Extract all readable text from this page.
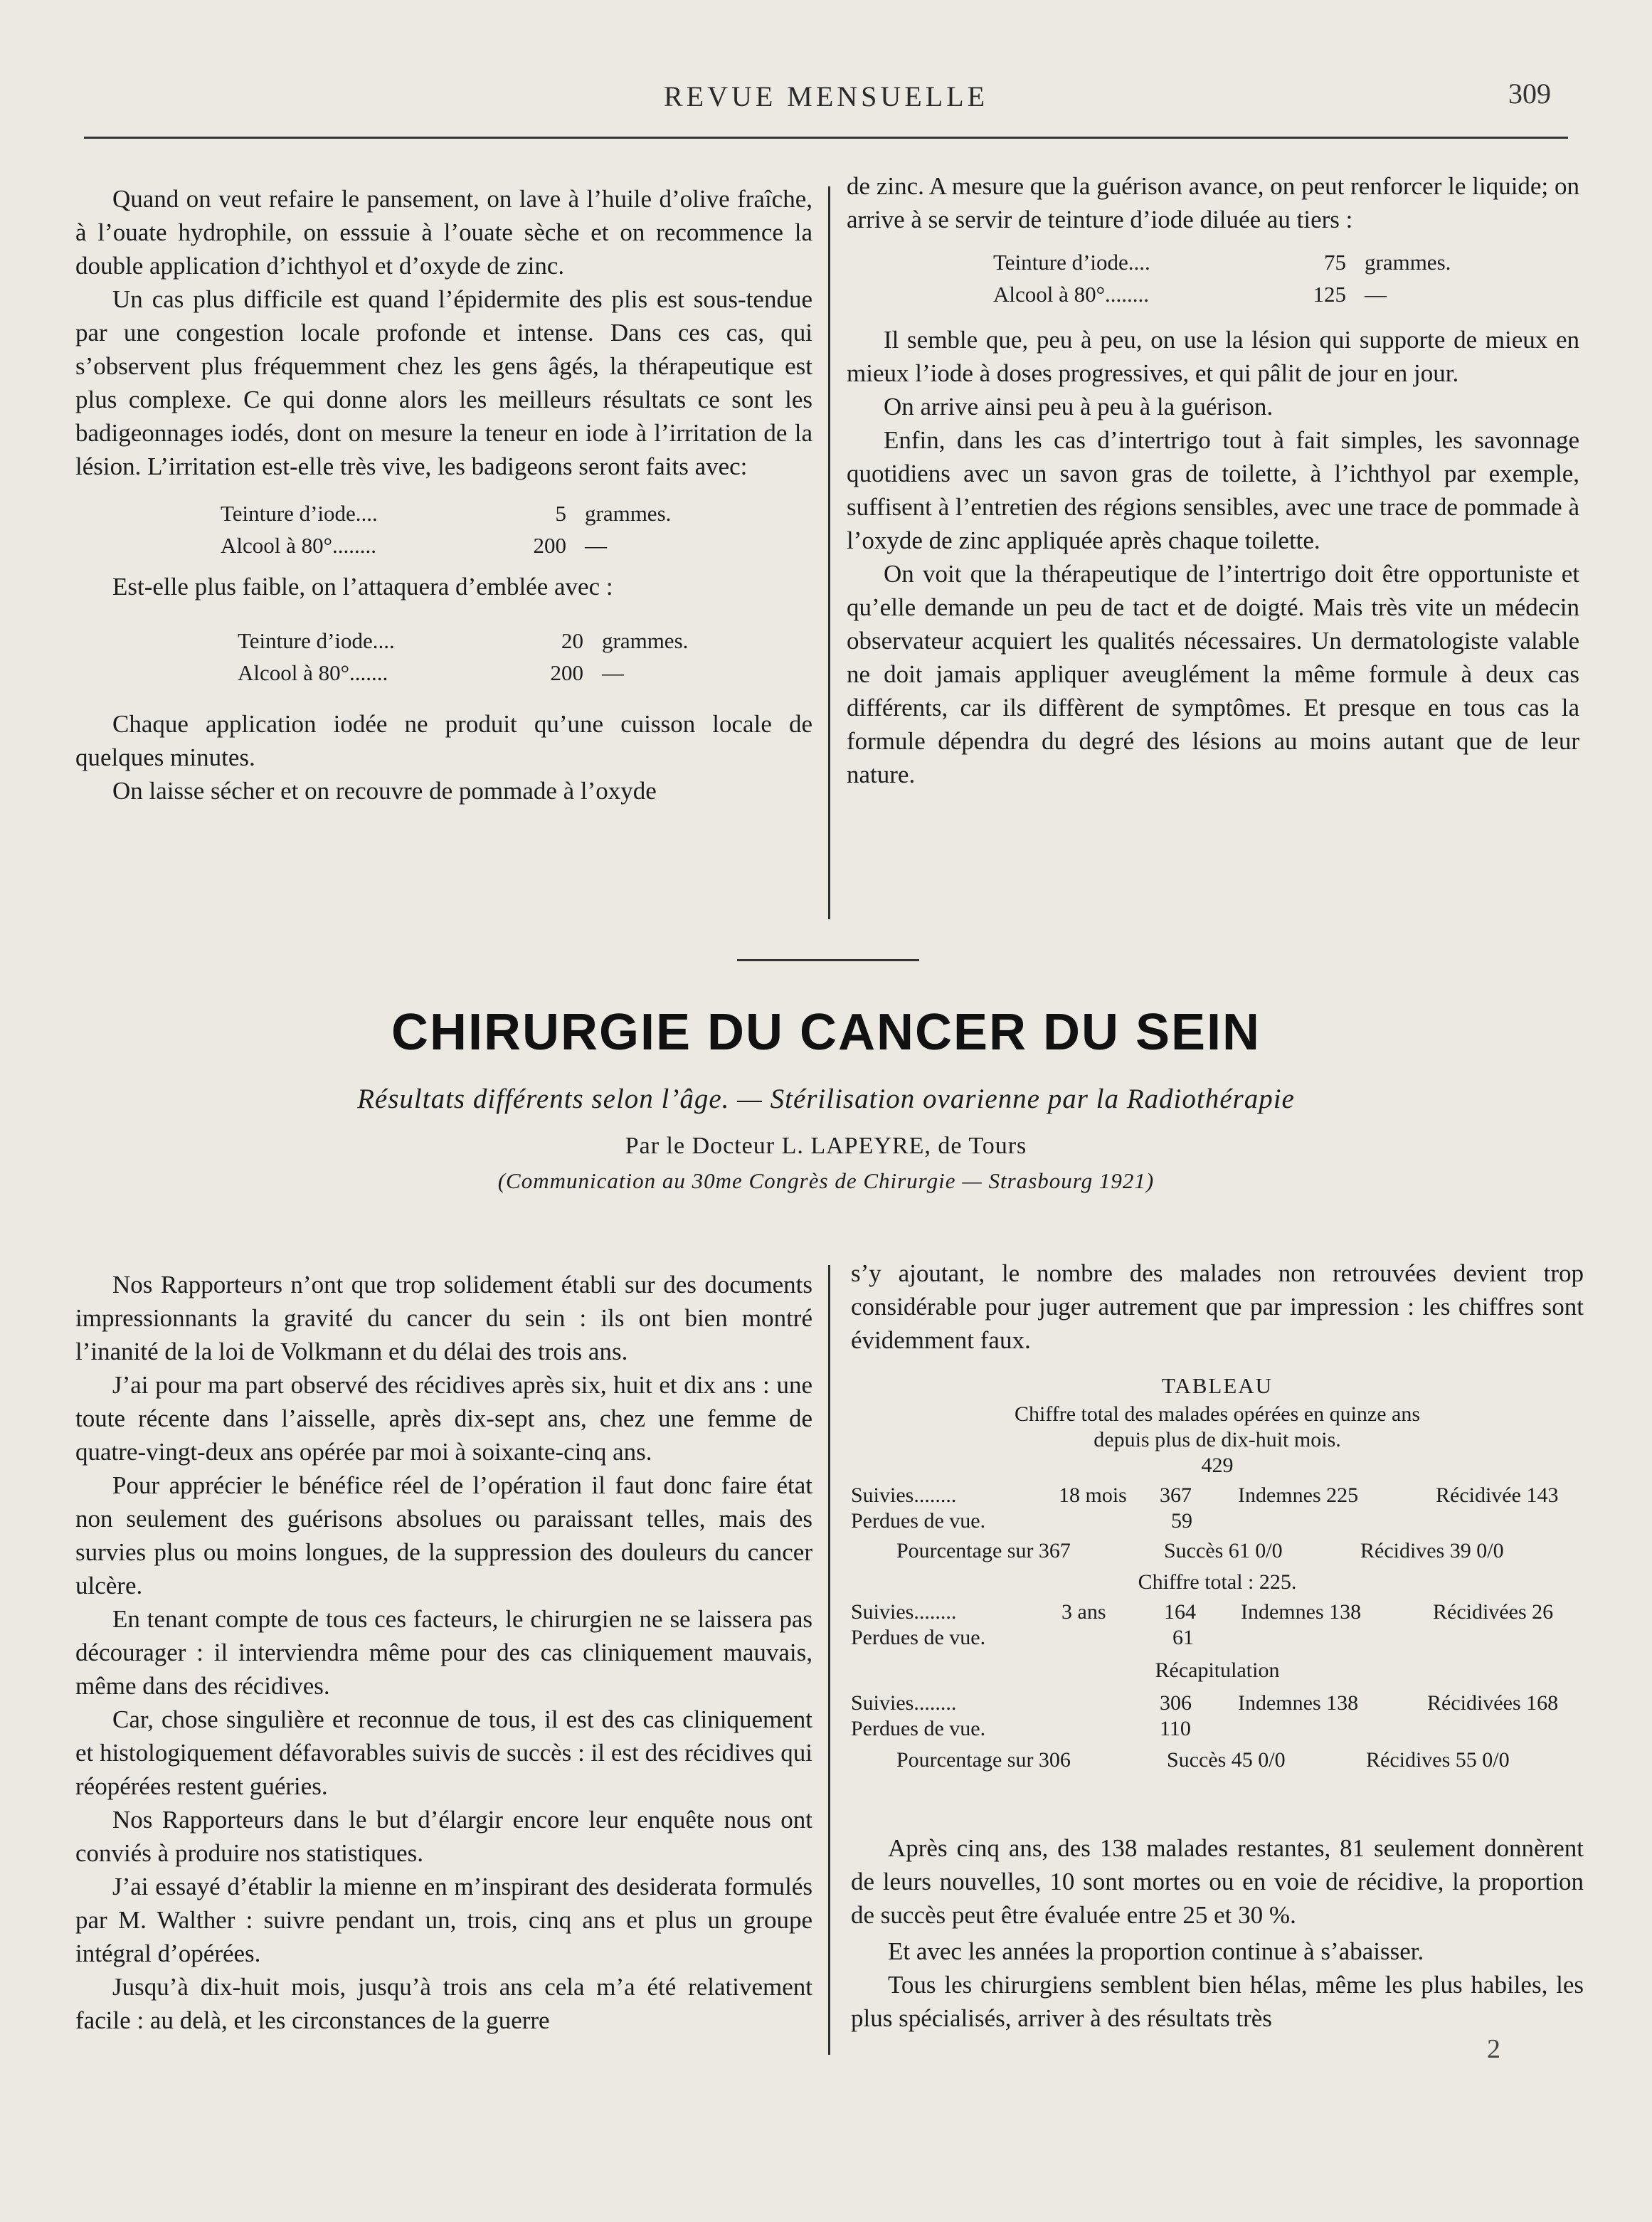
REVUE MENSUELLE	309

Quand on veut refaire le pansement, on lave à l’huile d’olive fraîche, à l’ouate hydrophile, on esssuie à l’ouate sèche et on recommence la double application d’ichthyol et d’oxyde de zinc.

Un cas plus difficile est quand l’épidermite des plis est sous-tendue par une congestion locale profonde et intense. Dans ces cas, qui s’observent plus fréquemment chez les gens âgés, la thérapeutique est plus complexe. Ce qui donne alors les meilleurs résultats ce sont les badigeonnages iodés, dont on mesure la teneur en iode à l’irritation de la lésion. L’irritation est-elle très vive, les badigeons seront faits avec:

Teinture d’iode....	5 grammes.
Alcool à 80°........	200 —

Est-elle plus faible, on l’attaquera d’emblée avec :

Teinture d’iode....	20 grammes.
Alcool à 80°.......	200 —

Chaque application iodée ne produit qu’une cuisson locale de quelques minutes.

On laisse sécher et on recouvre de pommade à l’oxyde

de zinc. A mesure que la guérison avance, on peut renforcer le liquide; on arrive à se servir de teinture d’iode diluée au tiers :

Teinture d’iode....	75 grammes.
Alcool à 80°........	125 —

Il semble que, peu à peu, on use la lésion qui supporte de mieux en mieux l’iode à doses progressives, et qui pâlit de jour en jour.

On arrive ainsi peu à peu à la guérison.

Enfin, dans les cas d’intertrigo tout à fait simples, les savonnage quotidiens avec un savon gras de toilette, à l’ichthyol par exemple, suffisent à l’entretien des régions sensibles, avec une trace de pommade à l’oxyde de zinc appliquée après chaque toilette.

On voit que la thérapeutique de l’intertrigo doit être opportuniste et qu’elle demande un peu de tact et de doigté. Mais très vite un médecin observateur acquiert les qualités nécessaires. Un dermatologiste valable ne doit jamais appliquer aveuglément la même formule à deux cas différents, car ils diffèrent de symptômes. Et presque en tous cas la formule dépendra du degré des lésions au moins autant que de leur nature.

CHIRURGIE DU CANCER DU SEIN
Résultats différents selon l’âge. — Stérilisation ovarienne par la Radiothérapie
Par le Docteur L. LAPEYRE, de Tours
(Communication au 30me Congrès de Chirurgie — Strasbourg 1921)

Nos Rapporteurs n’ont que trop solidement établi sur des documents impressionnants la gravité du cancer du sein : ils ont bien montré l’inanité de la loi de Volkmann et du délai des trois ans.

J’ai pour ma part observé des récidives après six, huit et dix ans : une toute récente dans l’aisselle, après dix-sept ans, chez une femme de quatre-vingt-deux ans opérée par moi à soixante-cinq ans.

Pour apprécier le bénéfice réel de l’opération il faut donc faire état non seulement des guérisons absolues ou paraissant telles, mais des survies plus ou moins longues, de la suppression des douleurs du cancer ulcère.

En tenant compte de tous ces facteurs, le chirurgien ne se laissera pas décourager : il interviendra même pour des cas cliniquement mauvais, même dans des récidives.

Car, chose singulière et reconnue de tous, il est des cas cliniquement et histologiquement défavorables suivis de succès : il est des récidives qui réopérées restent guéries.

Nos Rapporteurs dans le but d’élargir encore leur enquête nous ont conviés à produire nos statistiques.

J’ai essayé d’établir la mienne en m’inspirant des desiderata formulés par M. Walther : suivre pendant un, trois, cinq ans et plus un groupe intégral d’opérées.

Jusqu’à dix-huit mois, jusqu’à trois ans cela m’a été relativement facile : au delà, et les circonstances de la guerre

s’y ajoutant, le nombre des malades non retrouvées devient trop considérable pour juger autrement que par impression : les chiffres sont évidemment faux.

TABLEAU
Chiffre total des malades opérées en quinze ans
depuis plus de dix-huit mois.
429
Suivies........	18 mois 367 Indemnes 225	Récidivée 143
Perdues de vue.	59
Pourcentage sur 367	Succès 61 0/0	Récidives 39 0/0
Chiffre total : 225.
Suivies........	3 ans	164 Indemnes 138	Récidivées 26
Perdues de vue.	61
Récapitulation
Suivies........	306 Indemnes 138	Récidivées 168
Perdues de vue.	110
Pourcentage sur 306	Succès 45 0/0	Récidives 55 0/0

Après cinq ans, des 138 malades restantes, 81 seulement donnèrent de leurs nouvelles, 10 sont mortes ou en voie de récidive, la proportion de succès peut être évaluée entre 25 et 30 %.

Et avec les années la proportion continue à s’abaisser.

Tous les chirurgiens semblent bien hélas, même les plus habiles, les plus spécialisés, arriver à des résultats très

2
